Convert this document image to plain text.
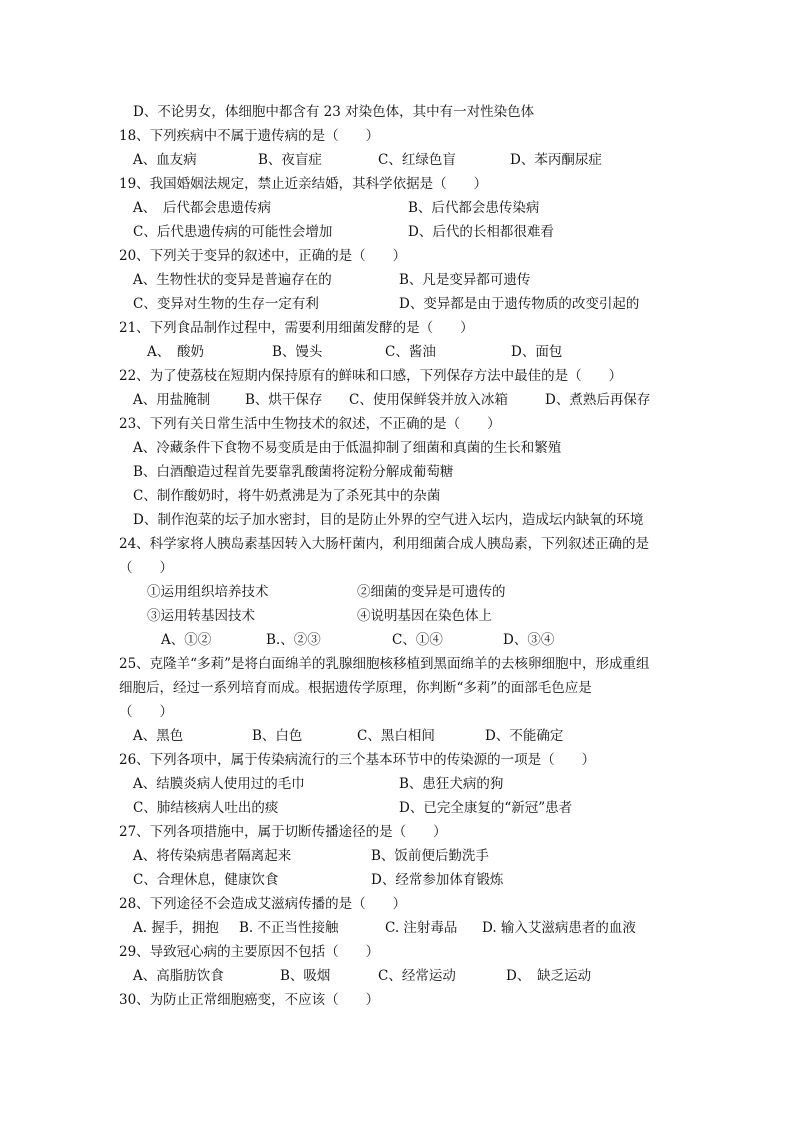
D、不论男女，体细胞中都含有 23 对染色体，其中有一对性染色体
18、下列疾病中不属于遗传病的是（　　）
A、血友病	B、夜盲症	C、红绿色盲	D、苯丙酮尿症
19、我国婚姻法规定，禁止近亲结婚，其科学依据是（　　）
A、　后代都会患遗传病	B、后代都会患传染病
C、后代患遗传病的可能性会增加	D、后代的长相都很难看
20、下列关于变异的叙述中，正确的是（　　）
A、生物性状的变异是普遍存在的	B、凡是变异都可遗传
C、变异对生物的生存一定有利	D、变异都是由于遗传物质的改变引起的
21、下列食品制作过程中，需要利用细菌发酵的是（　　）
A、　酸奶	B、馒头	C、酱油	D、面包
22、为了使荔枝在短期内保持原有的鲜味和口感，下列保存方法中最佳的是（　　）
A、用盐腌制	B、烘干保存 C、使用保鲜袋并放入冰箱	D、煮熟后再保存
23、下列有关日常生活中生物技术的叙述，不正确的是（　　）
A、冷藏条件下食物不易变质是由于低温抑制了细菌和真菌的生长和繁殖
B、白酒酿造过程首先要靠乳酸菌将淀粉分解成葡萄糖
C、制作酸奶时，将牛奶煮沸是为了杀死其中的杂菌
D、制作泡菜的坛子加水密封，目的是防止外界的空气进入坛内，造成坛内缺氧的环境
24、科学家将人胰岛素基因转入大肠杆菌内，利用细菌合成人胰岛素，下列叙述正确的是
（　　）
①运用组织培养技术	②细菌的变异是可遗传的
③运用转基因技术	④说明基因在染色体上
A、①②	B.、②③	C、①④	D、③④
25、克隆羊“多莉”是将白面绵羊的乳腺细胞核移植到黑面绵羊的去核卵细胞中，形成重组
细胞后，经过一系列培育而成。根据遗传学原理，你判断“多莉”的面部毛色应是
（　　）
A、黑色	B、白色	C、黑白相间	D、不能确定
26、下列各项中，属于传染病流行的三个基本环节中的传染源的一项是（　　）
A、结膜炎病人使用过的毛巾	B、患狂犬病的狗
C、肺结核病人吐出的痰	D、已完全康复的“新冠”患者
27、下列各项措施中，属于切断传播途径的是（　　）
A、将传染病患者隔离起来	B、饭前便后勤洗手
C、合理休息，健康饮食	D、经常参加体育锻炼
28、下列途径不会造成艾滋病传播的是（　　）
A. 握手，拥抱 B. 不正当性接触	C. 注射毒品 D. 输入艾滋病患者的血液
29、导致冠心病的主要原因不包括（　　）
A、高脂肪饮食	B、吸烟	C、经常运动	D、　缺乏运动
30、为防止正常细胞癌变，不应该（　　）
